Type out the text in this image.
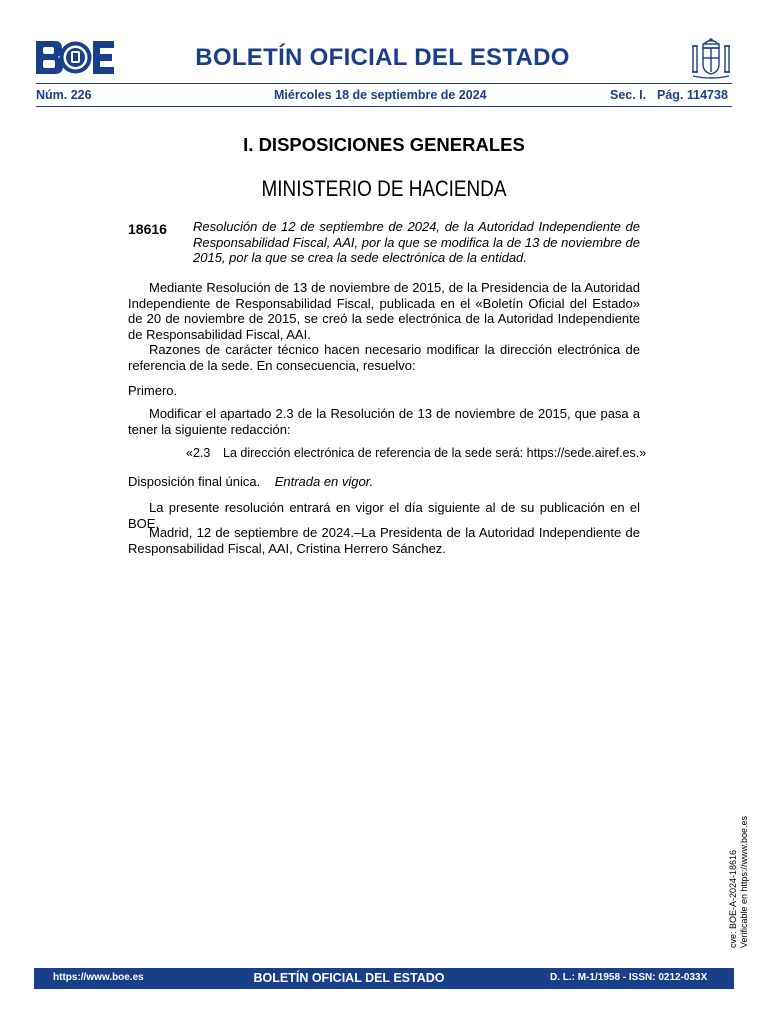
BOLETÍN OFICIAL DEL ESTADO
Núm. 226	Miércoles 18 de septiembre de 2024	Sec. I. Pág. 114738
I. DISPOSICIONES GENERALES
MINISTERIO DE HACIENDA
18616 Resolución de 12 de septiembre de 2024, de la Autoridad Independiente de Responsabilidad Fiscal, AAI, por la que se modifica la de 13 de noviembre de 2015, por la que se crea la sede electrónica de la entidad.

Mediante Resolución de 13 de noviembre de 2015, de la Presidencia de la Autoridad Independiente de Responsabilidad Fiscal, publicada en el «Boletín Oficial del Estado» de 20 de noviembre de 2015, se creó la sede electrónica de la Autoridad Independiente de Responsabilidad Fiscal, AAI.

Razones de carácter técnico hacen necesario modificar la dirección electrónica de referencia de la sede. En consecuencia, resuelvo:

Primero.

Modificar el apartado 2.3 de la Resolución de 13 de noviembre de 2015, que pasa a tener la siguiente redacción:

«2.3 La dirección electrónica de referencia de la sede será: https://sede.airef.es.»

Disposición final única. Entrada en vigor.

La presente resolución entrará en vigor el día siguiente al de su publicación en el BOE.

Madrid, 12 de septiembre de 2024.–La Presidenta de la Autoridad Independiente de Responsabilidad Fiscal, AAI, Cristina Herrero Sánchez.

cve: BOE-A-2024-18616 Verificable en https://www.boe.es
https://www.boe.es	BOLETÍN OFICIAL DEL ESTADO	D. L.: M-1/1958 - ISSN: 0212-033X
